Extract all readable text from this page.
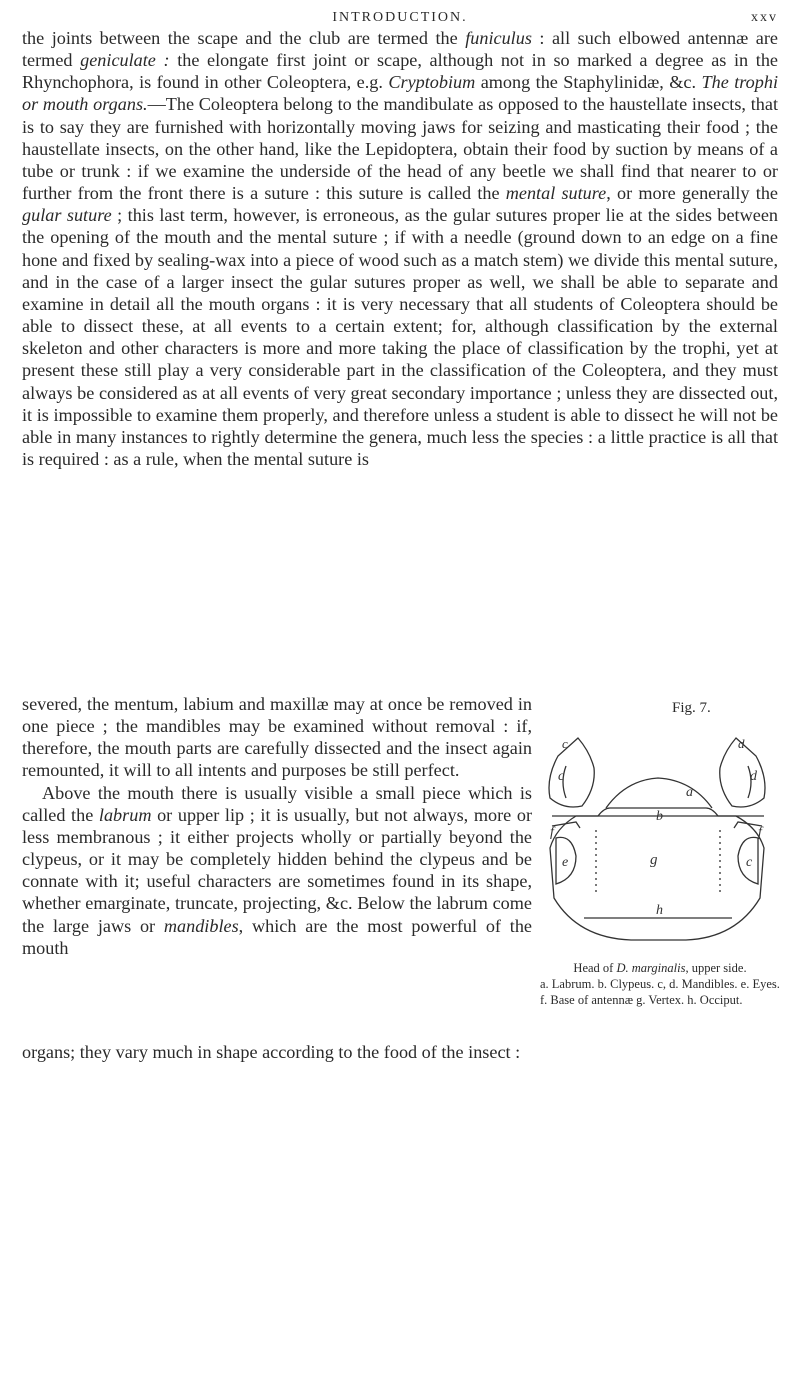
INTRODUCTION.	xxv

the joints between the scape and the club are termed the funiculus : all such elbowed antennæ are termed geniculate : the elongate first joint or scape, although not in so marked a degree as in the Rhynchophora, is found in other Coleoptera, e.g. Cryptobium among the Staphylinidæ, &c. The trophi or mouth organs.—The Coleoptera belong to the mandibulate as opposed to the haustellate insects, that is to say they are furnished with horizontally moving jaws for seizing and masticating their food ; the haustellate insects, on the other hand, like the Lepidoptera, obtain their food by suction by means of a tube or trunk : if we examine the underside of the head of any beetle we shall find that nearer to or further from the front there is a suture : this suture is called the mental suture, or more generally the gular suture ; this last term, however, is erroneous, as the gular sutures proper lie at the sides between the opening of the mouth and the mental suture ; if with a needle (ground down to an edge on a fine hone and fixed by sealing-wax into a piece of wood such as a match stem) we divide this mental suture, and in the case of a larger insect the gular sutures proper as well, we shall be able to separate and examine in detail all the mouth organs : it is very necessary that all students of Coleoptera should be able to dissect these, at all events to a certain extent; for, although classification by the external skeleton and other characters is more and more taking the place of classification by the trophi, yet at present these still play a very considerable part in the classification of the Coleoptera, and they must always be considered as at all events of very great secondary importance ; unless they are dissected out, it is impossible to examine them properly, and therefore unless a student is able to dissect he will not be able in many instances to rightly determine the genera, much less the species : a little practice is all that is required : as a rule, when the mental suture is

severed, the mentum, labium and maxillæ may at once be removed in one piece ; the mandibles may be examined without removal : if, therefore, the mouth parts are carefully dissected and the insect again remounted, it will to all intents and purposes be still perfect.

Above the mouth there is usually visible a small piece which is called the labrum or upper lip ; it is usually, but not always, more or less membranous ; it either projects wholly or partially beyond the clypeus, or it may be completely hidden behind the clypeus and be connate with it; useful characters are sometimes found in its shape, whether emarginate, truncate, projecting, &c. Below the labrum come the large jaws or mandibles, which are the most powerful of the mouth

organs; they vary much in shape according to the food of the insect :

Fig. 7.
c	d
c	d
a
b
f	f
e	c
g
h
Head of D. marginalis, upper side.
a. Labrum. b. Clypeus. c, d. Mandibles. e. Eyes. f. Base of antennæ g. Vertex. h. Occiput.
